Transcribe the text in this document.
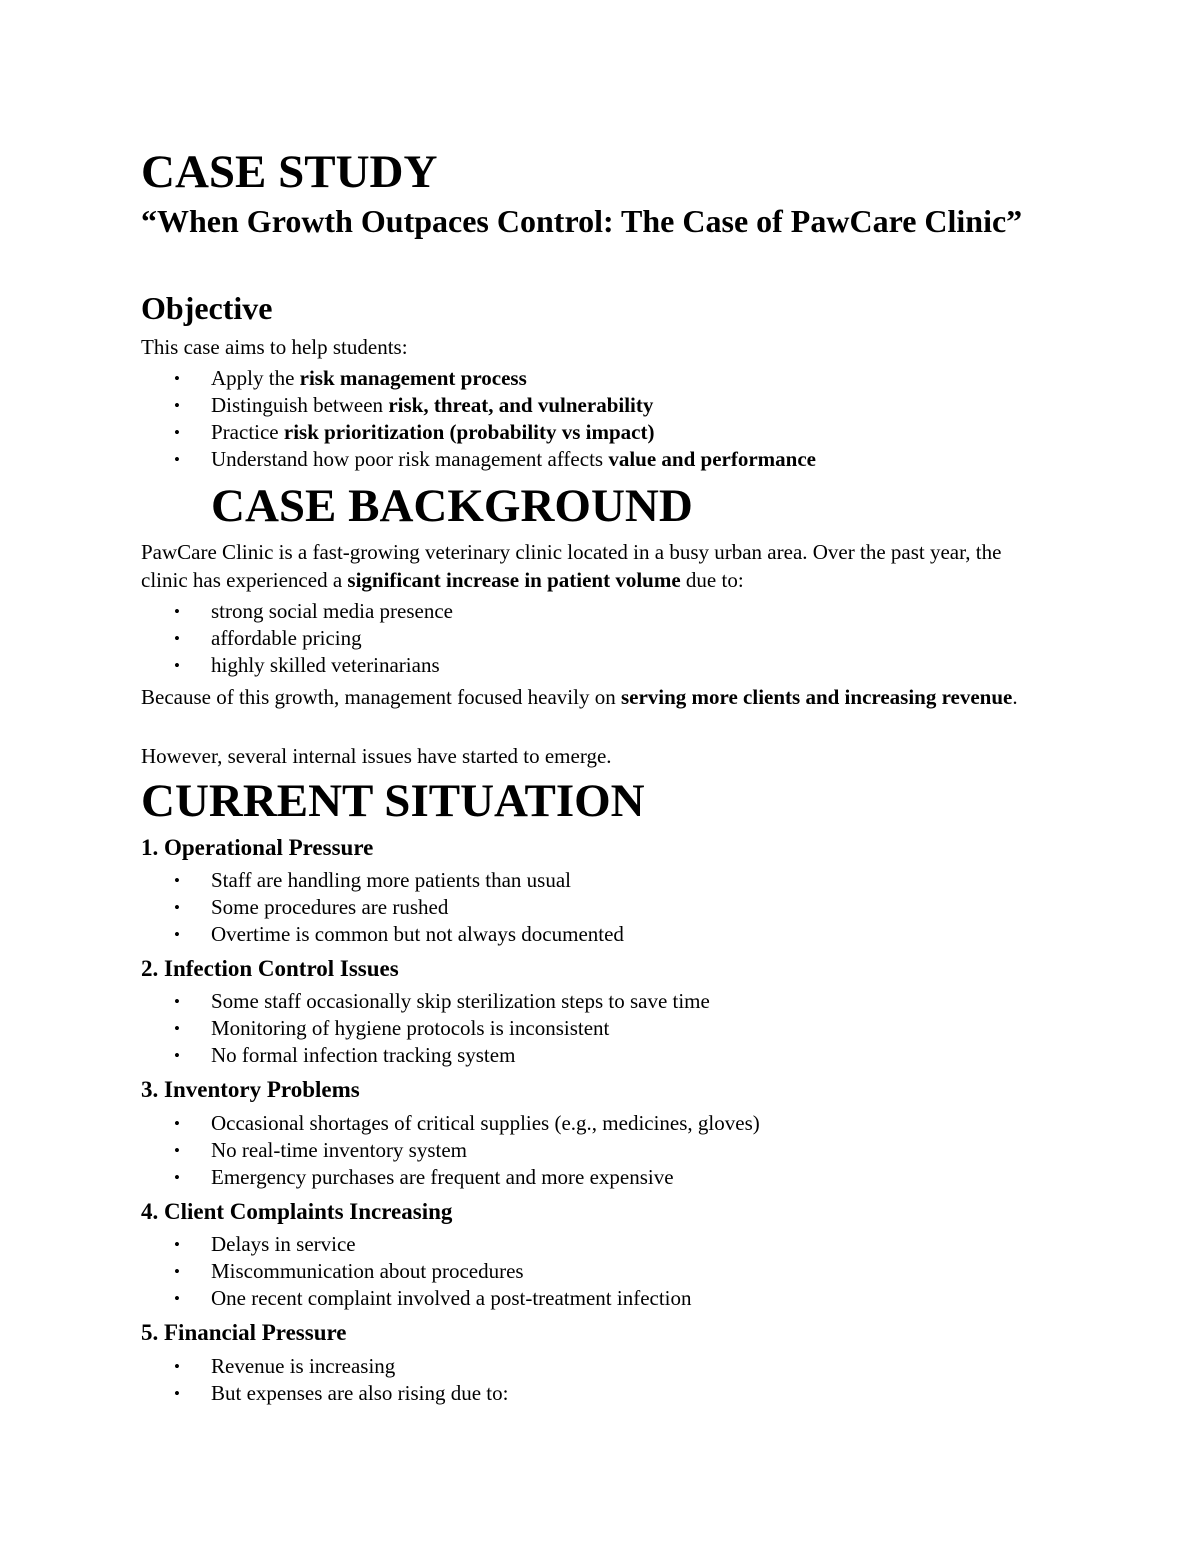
CASE STUDY
“When Growth Outpaces Control: The Case of PawCare Clinic”
Objective

This case aims to help students:

• Apply the risk management process
• Distinguish between risk, threat, and vulnerability
• Practice risk prioritization (probability vs impact)
• Understand how poor risk management affects value and performance
CASE BACKGROUND

PawCare Clinic is a fast-growing veterinary clinic located in a busy urban area. Over the past year, the clinic has experienced a significant increase in patient volume due to:

• strong social media presence
• affordable pricing
• highly skilled veterinarians

Because of this growth, management focused heavily on serving more clients and increasing revenue.

However, several internal issues have started to emerge.

CURRENT SITUATION
1. Operational Pressure
• Staff are handling more patients than usual
• Some procedures are rushed
• Overtime is common but not always documented
2. Infection Control Issues
• Some staff occasionally skip sterilization steps to save time
• Monitoring of hygiene protocols is inconsistent
• No formal infection tracking system
3. Inventory Problems
• Occasional shortages of critical supplies (e.g., medicines, gloves)
• No real-time inventory system
• Emergency purchases are frequent and more expensive
4. Client Complaints Increasing
• Delays in service
• Miscommunication about procedures
• One recent complaint involved a post-treatment infection
5. Financial Pressure
• Revenue is increasing
• But expenses are also rising due to:
